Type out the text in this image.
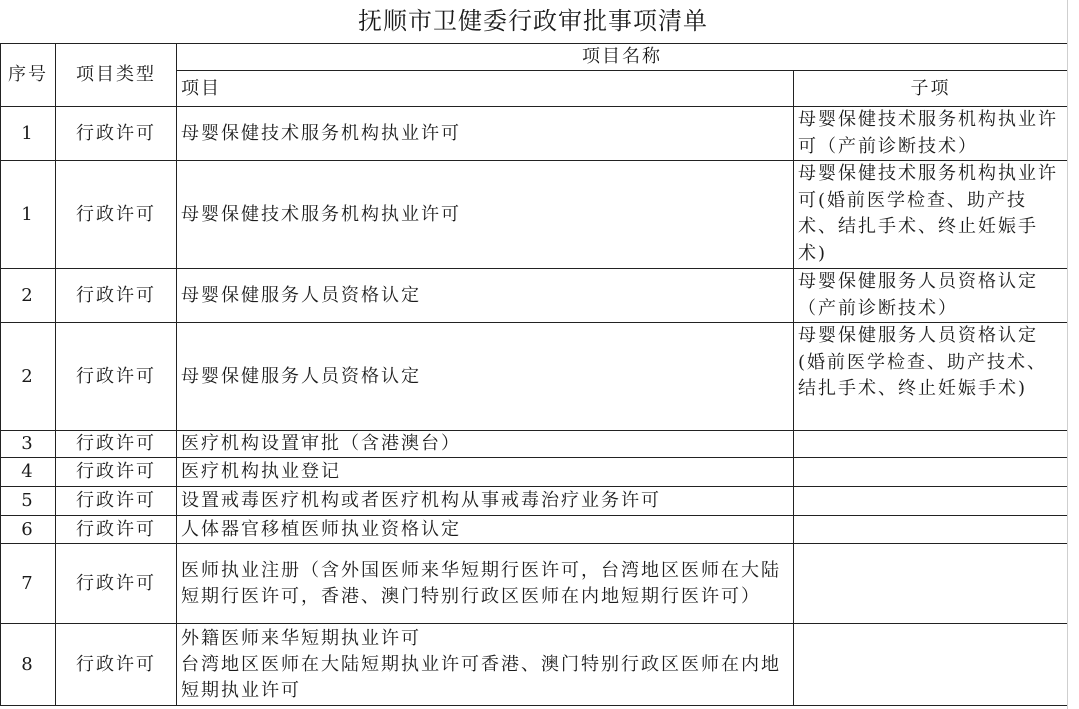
抚顺市卫健委行政审批事项清单
序号	项目类型	项目名称	
		项目	子项
1	行政许可	母婴保健技术服务机构执业许可	母婴保健技术服务机构执业许可（产前诊断技术）
1	行政许可	母婴保健技术服务机构执业许可	母婴保健技术服务机构执业许可(婚前医学检查、助产技术、结扎手术、终止妊娠手术)
2	行政许可	母婴保健服务人员资格认定	母婴保健服务人员资格认定（产前诊断技术）
2	行政许可	母婴保健服务人员资格认定	母婴保健服务人员资格认定(婚前医学检查、助产技术、结扎手术、终止妊娠手术)
3	行政许可	医疗机构设置审批（含港澳台）	
4	行政许可	医疗机构执业登记	
5	行政许可	设置戒毒医疗机构或者医疗机构从事戒毒治疗业务许可	
6	行政许可	人体器官移植医师执业资格认定	
7	行政许可	医师执业注册（含外国医师来华短期行医许可，台湾地区医师在大陆短期行医许可，香港、澳门特别行政区医师在内地短期行医许可）	
8	行政许可	外籍医师来华短期执业许可
台湾地区医师在大陆短期执业许可香港、澳门特别行政区医师在内地短期执业许可	
